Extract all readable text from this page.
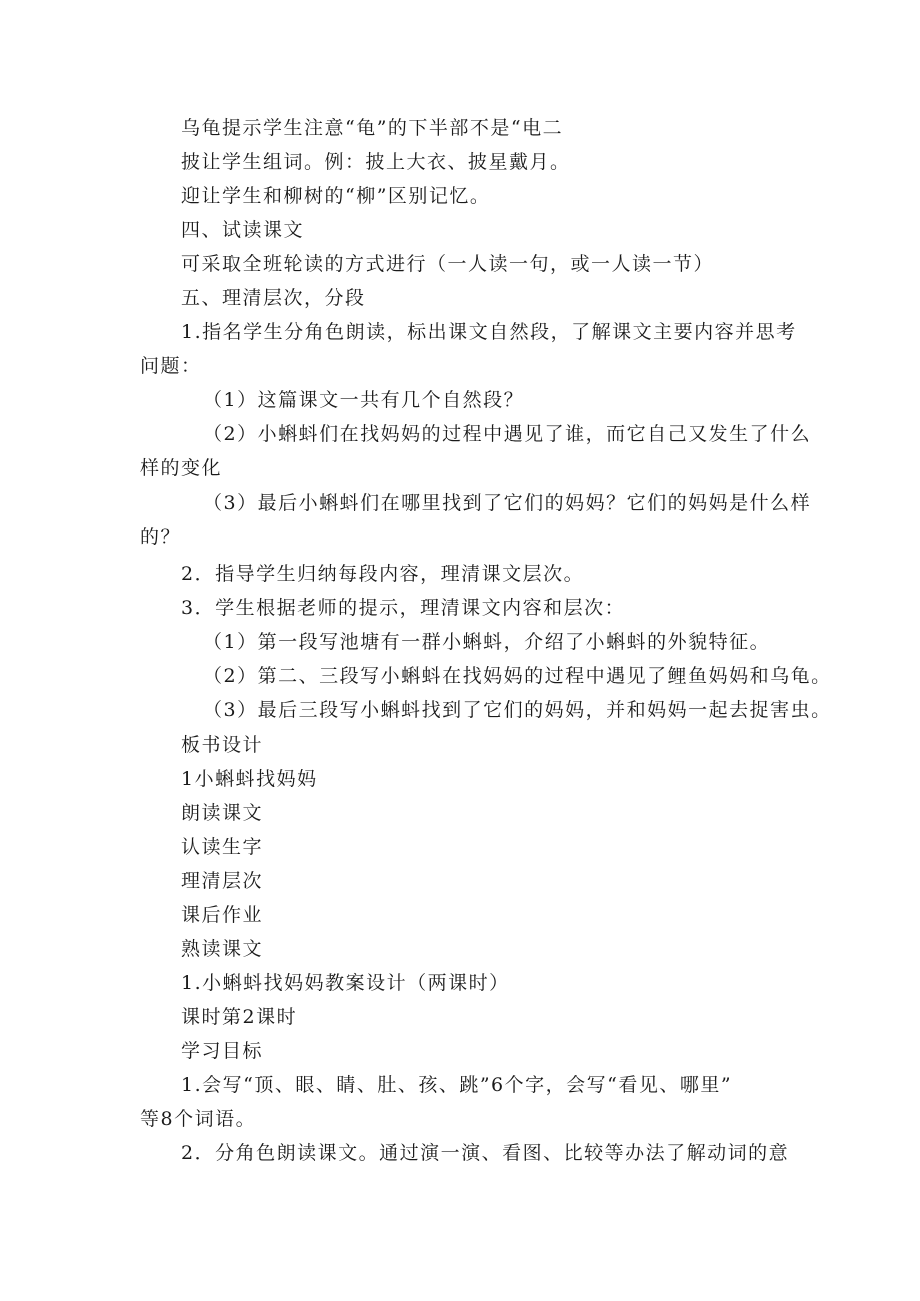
乌龟提示学生注意“龟”的下半部不是“电二
披让学生组词。例：披上大衣、披星戴月。
迎让学生和柳树的“柳”区别记忆。
四、试读课文
可采取全班轮读的方式进行（一人读一句，或一人读一节）
五、理清层次，分段
1.指名学生分角色朗读，标出课文自然段，了解课文主要内容并思考
问题：
（1）这篇课文一共有几个自然段？
（2）小蝌蚪们在找妈妈的过程中遇见了谁，而它自己又发生了什么
样的变化
（3）最后小蝌蚪们在哪里找到了它们的妈妈？它们的妈妈是什么样
的？
2．指导学生归纳每段内容，理清课文层次。
3．学生根据老师的提示，理清课文内容和层次：
（1）第一段写池塘有一群小蝌蚪，介绍了小蝌蚪的外貌特征。
（2）第二、三段写小蝌蚪在找妈妈的过程中遇见了鲤鱼妈妈和乌龟。
（3）最后三段写小蝌蚪找到了它们的妈妈，并和妈妈一起去捉害虫。
板书设计
1小蝌蚪找妈妈
朗读课文
认读生字
理清层次
课后作业
熟读课文
1.小蝌蚪找妈妈教案设计（两课时）
课时第2课时
学习目标
1.会写“顶、眼、睛、肚、孩、跳”6个字，会写“看见、哪里”
等8个词语。
2．分角色朗读课文。通过演一演、看图、比较等办法了解动词的意
